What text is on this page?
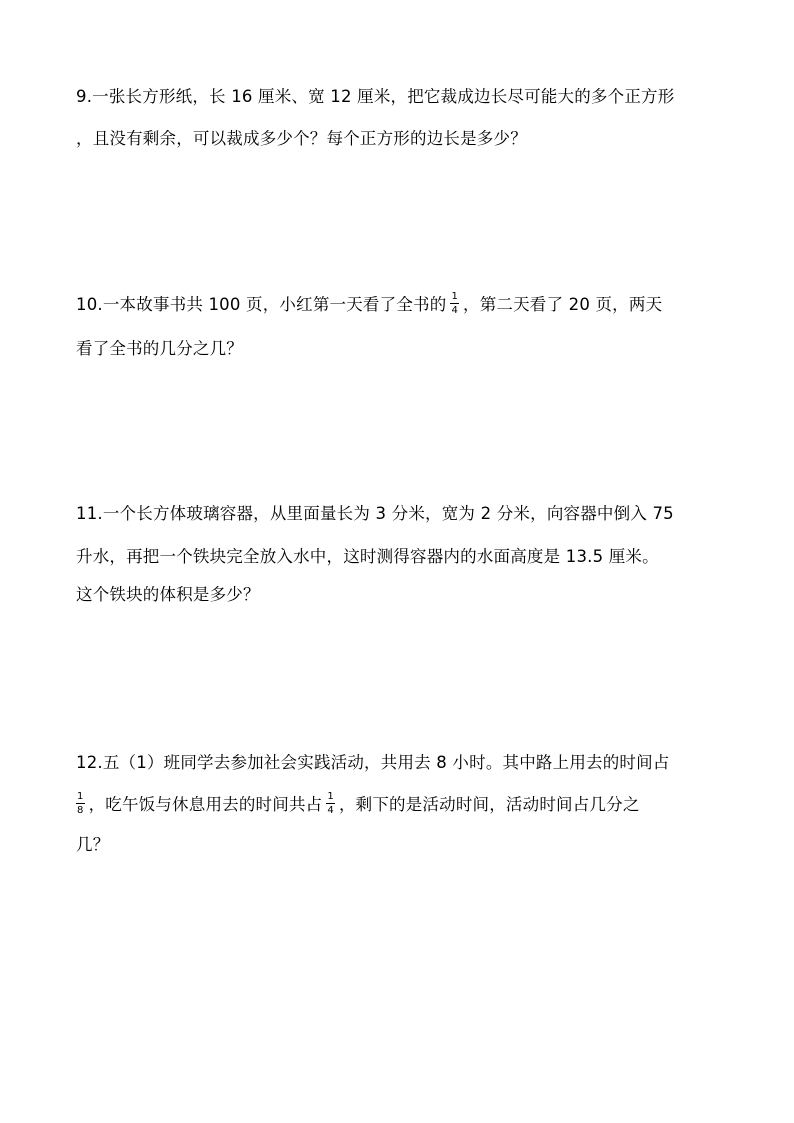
9.一张长方形纸，长 16 厘米、宽 12 厘米，把它裁成边长尽可能大的多个正方形
，且没有剩余，可以裁成多少个？每个正方形的边长是多少？
10.一本故事书共 100 页，小红第一天看了全书的 $\frac{1}{4}$ ，第二天看了 20 页，两天
看了全书的几分之几？
11.一个长方体玻璃容器，从里面量长为 3 分米，宽为 2 分米，向容器中倒入 75
升水，再把一个铁块完全放入水中，这时测得容器内的水面高度是 13.5 厘米。
这个铁块的体积是多少？
12.五（1）班同学去参加社会实践活动，共用去 8 小时。其中路上用去的时间占
$\frac{1}{8}$ ，吃午饭与休息用去的时间共占 $\frac{1}{4}$ ，剩下的是活动时间，活动时间占几分之
几？
